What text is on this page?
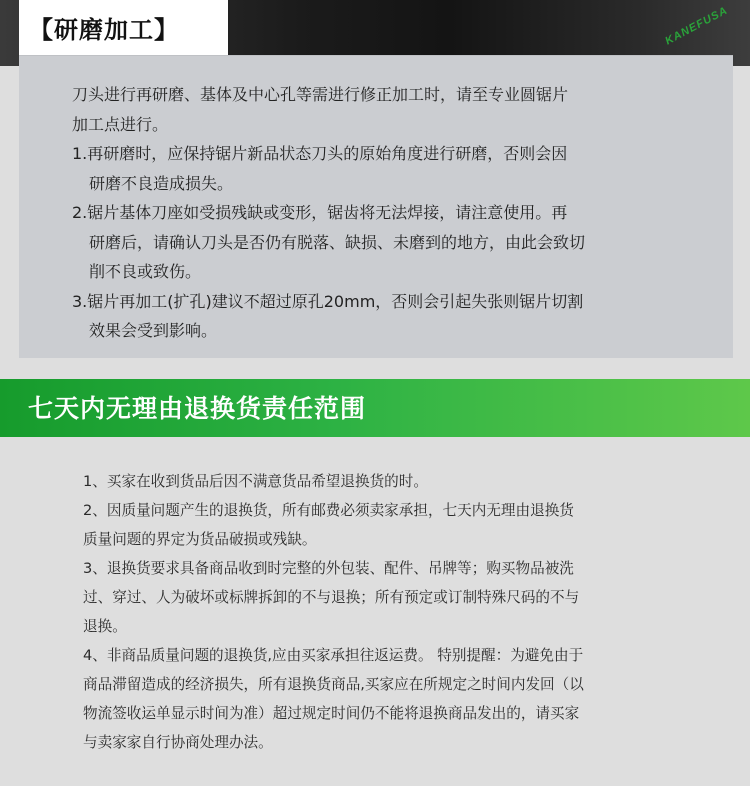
【研磨加工】	KANEFUSA
刀头进行再研磨、基体及中心孔等需进行修正加工时，请至专业圆锯片
加工点进行。
1.再研磨时，应保持锯片新品状态刀头的原始角度进行研磨，否则会因
研磨不良造成损失。
2.锯片基体刀座如受损残缺或变形，锯齿将无法焊接，请注意使用。再
研磨后，请确认刀头是否仍有脱落、缺损、未磨到的地方，由此会致切
削不良或致伤。
3.锯片再加工(扩孔)建议不超过原孔20mm，否则会引起失张则锯片切割
效果会受到影响。
七天内无理由退换货责任范围
1、买家在收到货品后因不满意货品希望退换货的时。
2、因质量问题产生的退换货，所有邮费必须卖家承担，七天内无理由退换货
质量问题的界定为货品破损或残缺。
3、退换货要求具备商品收到时完整的外包装、配件、吊牌等；购买物品被洗
过、穿过、人为破坏或标牌拆卸的不与退换；所有预定或订制特殊尺码的不与
退换。
4、非商品质量问题的退换货,应由买家承担往返运费。 特别提醒：为避免由于
商品滞留造成的经济损失，所有退换货商品,买家应在所规定之时间内发回（以
物流签收运单显示时间为准）超过规定时间仍不能将退换商品发出的，请买家
与卖家家自行协商处理办法。
